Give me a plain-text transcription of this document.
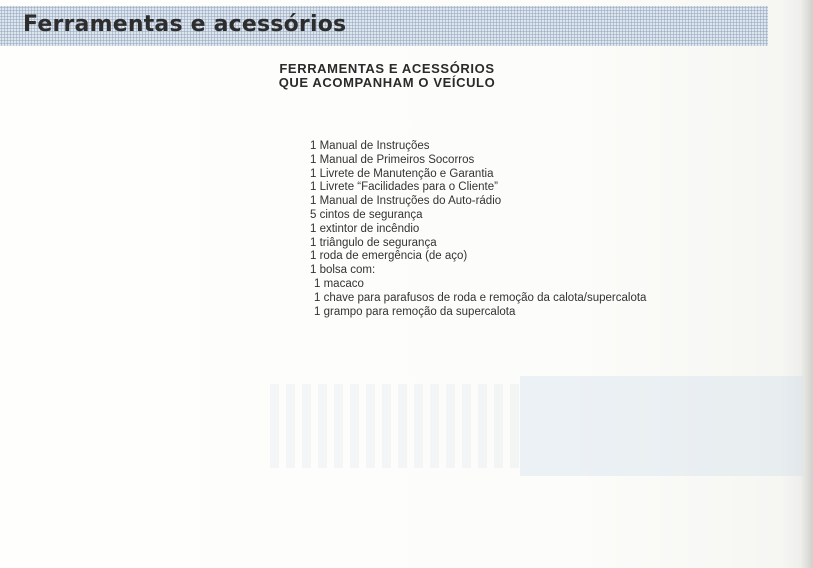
Ferramentas e acessórios
FERRAMENTAS E ACESSÓRIOS
QUE ACOMPANHAM O VEÍCULO
1 Manual de Instruções
1 Manual de Primeiros Socorros
1 Livrete de Manutenção e Garantia
1 Livrete “Facilidades para o Cliente”
1 Manual de Instruções do Auto-rádio
5 cintos de segurança
1 extintor de incêndio
1 triângulo de segurança
1 roda de emergência (de aço)
1 bolsa com:
1 macaco
1 chave para parafusos de roda e remoção da calota/supercalota
1 grampo para remoção da supercalota
